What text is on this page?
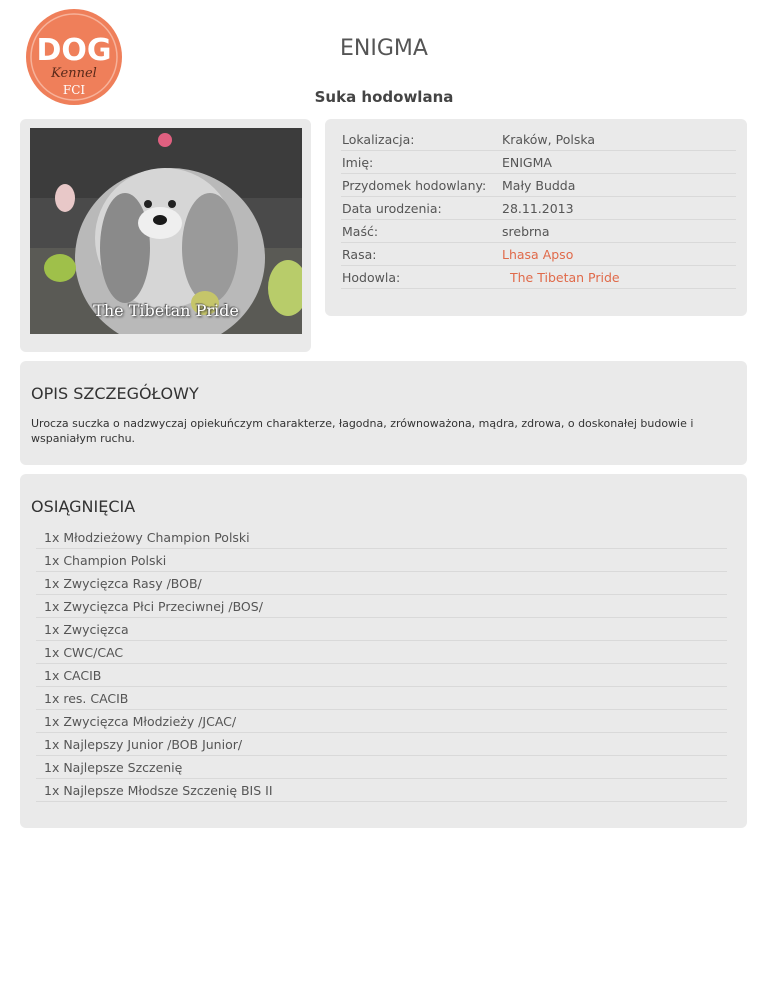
DOG
Kennel
FCI
ENIGMA
Suka hodowlana
The Tibetan Pride
Lokalizacja:	Kraków, Polska
Imię:	ENIGMA
Przydomek hodowlany: Mały Budda
Data urodzenia:	28.11.2013
Maść:	srebrna
Rasa:	Lhasa Apso
Hodowla:	The Tibetan Pride
OPIS SZCZEGÓŁOWY
Urocza suczka o nadzwyczaj opiekuńczym charakterze, łagodna, zrównoważona, mądra, zdrowa, o doskonałej budowie i wspaniałym ruchu.
OSIĄGNIĘCIA
1x Młodzieżowy Champion Polski
1x Champion Polski
1x Zwycięzca Rasy /BOB/
1x Zwycięzca Płci Przeciwnej /BOS/
1x Zwycięzca
1x CWC/CAC
1x CACIB
1x res. CACIB
1x Zwycięzca Młodzieży /JCAC/
1x Najlepszy Junior /BOB Junior/
1x Najlepsze Szczenię
1x Najlepsze Młodsze Szczenię BIS II
